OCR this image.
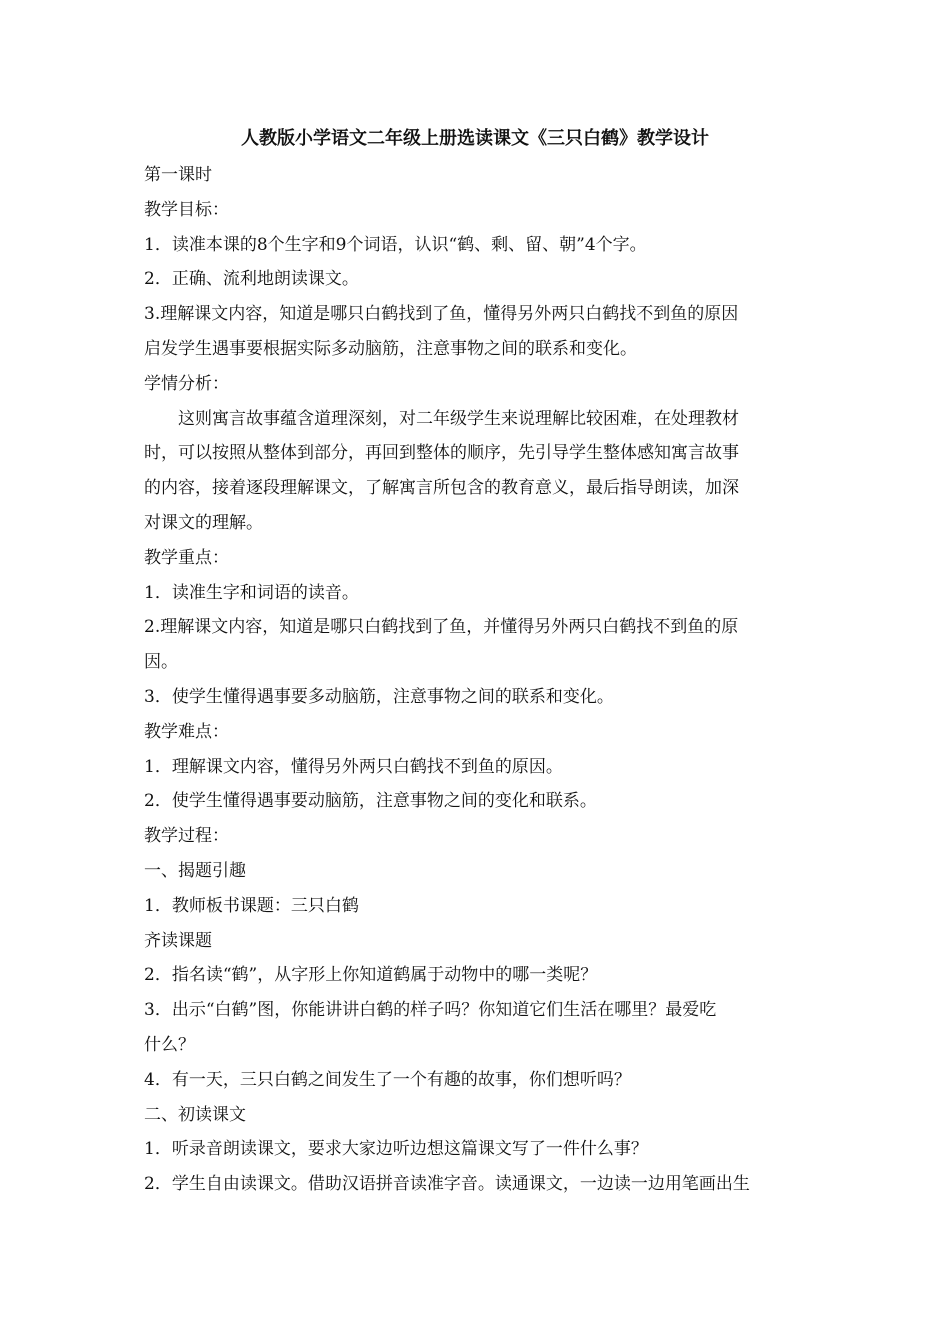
人教版小学语文二年级上册选读课文《三只白鹤》教学设计
第一课时
教学目标：
1．读准本课的8个生字和9个词语，认识“鹤、剩、留、朝”4个字。
2．正确、流利地朗读课文。
3.理解课文内容，知道是哪只白鹤找到了鱼，懂得另外两只白鹤找不到鱼的原因
启发学生遇事要根据实际多动脑筋，注意事物之间的联系和变化。
学情分析：
这则寓言故事蕴含道理深刻，对二年级学生来说理解比较困难，在处理教材
时，可以按照从整体到部分，再回到整体的顺序，先引导学生整体感知寓言故事
的内容，接着逐段理解课文，了解寓言所包含的教育意义，最后指导朗读，加深
对课文的理解。
教学重点：
1．读准生字和词语的读音。
2.理解课文内容，知道是哪只白鹤找到了鱼，并懂得另外两只白鹤找不到鱼的原
因。
3．使学生懂得遇事要多动脑筋，注意事物之间的联系和变化。
教学难点：
1．理解课文内容，懂得另外两只白鹤找不到鱼的原因。
2．使学生懂得遇事要动脑筋，注意事物之间的变化和联系。
教学过程：
一、揭题引趣
1．教师板书课题：三只白鹤
齐读课题
2．指名读“鹤”，从字形上你知道鹤属于动物中的哪一类呢？
3．出示“白鹤”图，你能讲讲白鹤的样子吗？你知道它们生活在哪里？最爱吃
什么？
4．有一天，三只白鹤之间发生了一个有趣的故事，你们想听吗？
二、初读课文
1．听录音朗读课文，要求大家边听边想这篇课文写了一件什么事？
2．学生自由读课文。借助汉语拼音读准字音。读通课文，一边读一边用笔画出生
